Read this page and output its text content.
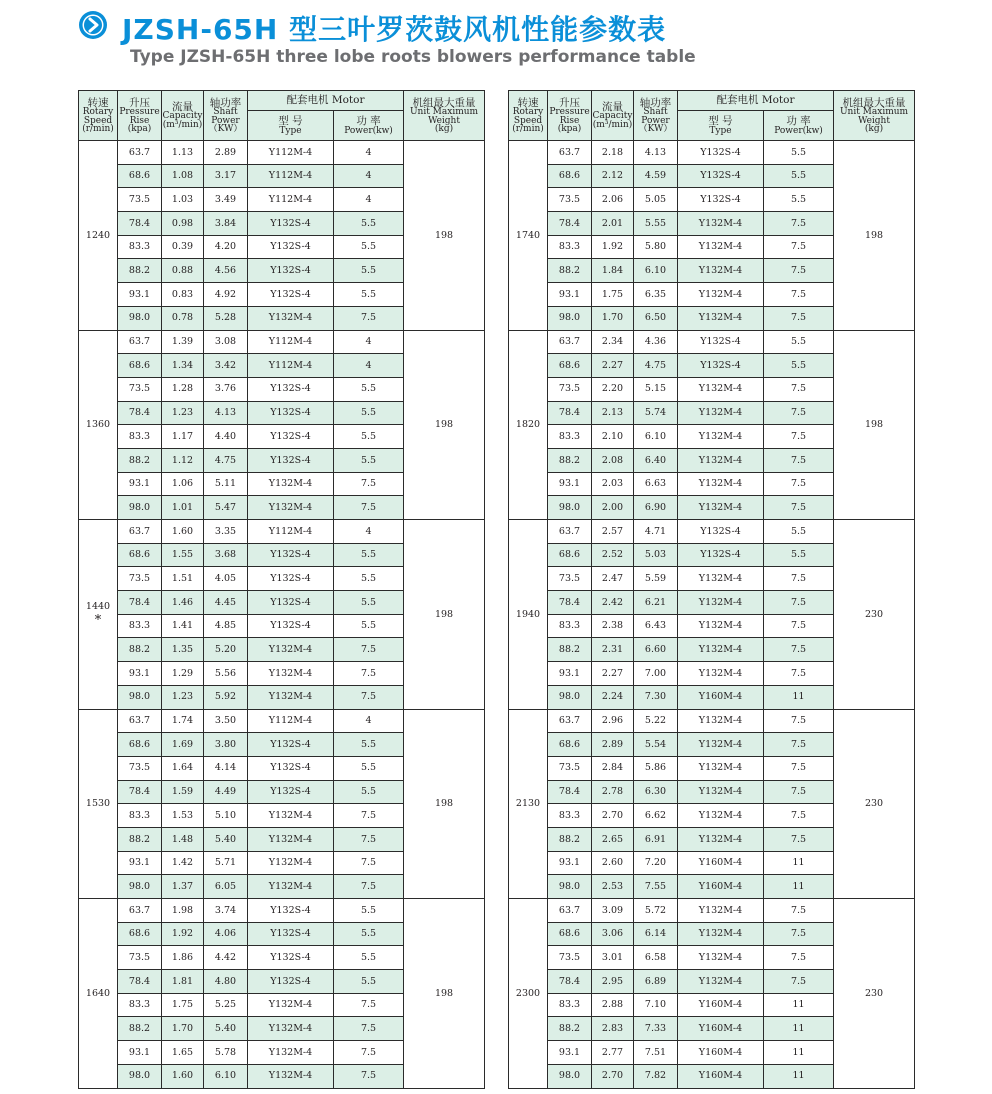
JZSH-65H 型三叶罗茨鼓风机性能参数表
Type JZSH-65H three lobe roots blowers performance table
转速
Rotary
Speed
(r/min)	升压
Pressure
Rise
(kpa)	流量
Capacity
(m³/min)	轴功率
Shaft
Power
（KW）	配套电机 Motor		机组最大重量
Unit Maximum
Weight
(kg)

				型 号
Type	功 率
Power(kw)	

1240	63.7	1.13	2.89	Y112M-4	4	198
	68.6	1.08	3.17	Y112M-4	4	
	73.5	1.03	3.49	Y112M-4	4	
	78.4	0.98	3.84	Y132S-4	5.5	
	83.3	0.39	4.20	Y132S-4	5.5	
	88.2	0.88	4.56	Y132S-4	5.5	
	93.1	0.83	4.92	Y132S-4	5.5	
	98.0	0.78	5.28	Y132M-4	7.5	
1360	63.7	1.39	3.08	Y112M-4	4	198
	68.6	1.34	3.42	Y112M-4	4	
	73.5	1.28	3.76	Y132S-4	5.5	
	78.4	1.23	4.13	Y132S-4	5.5	
	83.3	1.17	4.40	Y132S-4	5.5	
	88.2	1.12	4.75	Y132S-4	5.5	
	93.1	1.06	5.11	Y132M-4	7.5	
	98.0	1.01	5.47	Y132M-4	7.5	
1440
*	63.7	1.60	3.35	Y112M-4	4	198
	68.6	1.55	3.68	Y132S-4	5.5	
	73.5	1.51	4.05	Y132S-4	5.5	
	78.4	1.46	4.45	Y132S-4	5.5	
	83.3	1.41	4.85	Y132S-4	5.5	
	88.2	1.35	5.20	Y132M-4	7.5	
	93.1	1.29	5.56	Y132M-4	7.5	
	98.0	1.23	5.92	Y132M-4	7.5	
1530	63.7	1.74	3.50	Y112M-4	4	198
	68.6	1.69	3.80	Y132S-4	5.5	
	73.5	1.64	4.14	Y132S-4	5.5	
	78.4	1.59	4.49	Y132S-4	5.5	
	83.3	1.53	5.10	Y132M-4	7.5	
	88.2	1.48	5.40	Y132M-4	7.5	
	93.1	1.42	5.71	Y132M-4	7.5	
	98.0	1.37	6.05	Y132M-4	7.5	
1640	63.7	1.98	3.74	Y132S-4	5.5	198
	68.6	1.92	4.06	Y132S-4	5.5	
	73.5	1.86	4.42	Y132S-4	5.5	
	78.4	1.81	4.80	Y132S-4	5.5	
	83.3	1.75	5.25	Y132M-4	7.5	
	88.2	1.70	5.40	Y132M-4	7.5	
	93.1	1.65	5.78	Y132M-4	7.5	
	98.0	1.60	6.10	Y132M-4	7.5	
转速
Rotary
Speed
(r/min)	升压
Pressure
Rise
(kpa)	流量
Capacity
(m³/min)	轴功率
Shaft
Power
（KW）	配套电机 Motor		机组最大重量
Unit Maximum
Weight
(kg)

				型 号
Type	功 率
Power(kw)	

1740	63.7	2.18	4.13	Y132S-4	5.5	198
	68.6	2.12	4.59	Y132S-4	5.5	
	73.5	2.06	5.05	Y132S-4	5.5	
	78.4	2.01	5.55	Y132M-4	7.5	
	83.3	1.92	5.80	Y132M-4	7.5	
	88.2	1.84	6.10	Y132M-4	7.5	
	93.1	1.75	6.35	Y132M-4	7.5	
	98.0	1.70	6.50	Y132M-4	7.5	
1820	63.7	2.34	4.36	Y132S-4	5.5	198
	68.6	2.27	4.75	Y132S-4	5.5	
	73.5	2.20	5.15	Y132M-4	7.5	
	78.4	2.13	5.74	Y132M-4	7.5	
	83.3	2.10	6.10	Y132M-4	7.5	
	88.2	2.08	6.40	Y132M-4	7.5	
	93.1	2.03	6.63	Y132M-4	7.5	
	98.0	2.00	6.90	Y132M-4	7.5	
1940	63.7	2.57	4.71	Y132S-4	5.5	230
	68.6	2.52	5.03	Y132S-4	5.5	
	73.5	2.47	5.59	Y132M-4	7.5	
	78.4	2.42	6.21	Y132M-4	7.5	
	83.3	2.38	6.43	Y132M-4	7.5	
	88.2	2.31	6.60	Y132M-4	7.5	
	93.1	2.27	7.00	Y132M-4	7.5	
	98.0	2.24	7.30	Y160M-4	11	
2130	63.7	2.96	5.22	Y132M-4	7.5	230
	68.6	2.89	5.54	Y132M-4	7.5	
	73.5	2.84	5.86	Y132M-4	7.5	
	78.4	2.78	6.30	Y132M-4	7.5	
	83.3	2.70	6.62	Y132M-4	7.5	
	88.2	2.65	6.91	Y132M-4	7.5	
	93.1	2.60	7.20	Y160M-4	11	
	98.0	2.53	7.55	Y160M-4	11	
2300	63.7	3.09	5.72	Y132M-4	7.5	230
	68.6	3.06	6.14	Y132M-4	7.5	
	73.5	3.01	6.58	Y132M-4	7.5	
	78.4	2.95	6.89	Y132M-4	7.5	
	83.3	2.88	7.10	Y160M-4	11	
	88.2	2.83	7.33	Y160M-4	11	
	93.1	2.77	7.51	Y160M-4	11	
	98.0	2.70	7.82	Y160M-4	11	
